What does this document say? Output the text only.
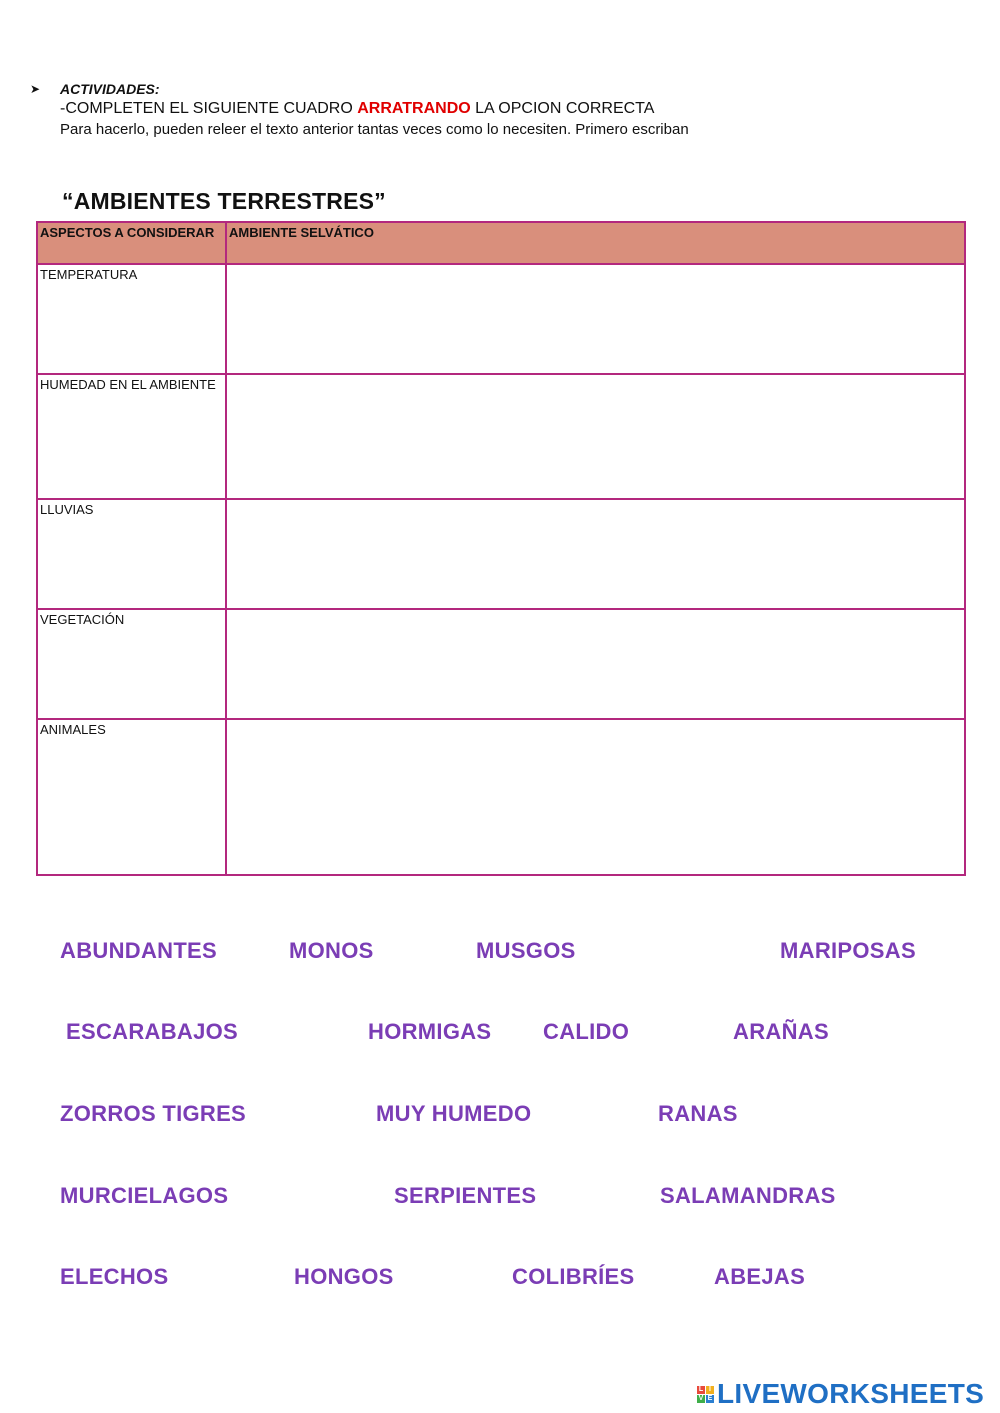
➤	ACTIVIDADES:
-COMPLETEN EL SIGUIENTE CUADRO ARRATRANDO LA OPCION CORRECTA
Para hacerlo, pueden releer el texto anterior tantas veces como lo necesiten. Primero escriban
“AMBIENTES TERRESTRES”
ASPECTOS A CONSIDERAR	AMBIENTE SELVÁTICO
TEMPERATURA	
HUMEDAD EN EL AMBIENTE	
LLUVIAS	
VEGETACIÓN	
ANIMALES	
ABUNDANTES	MONOS	MUSGOS	MARIPOSAS
ESCARABAJOS	HORMIGAS CALIDO	ARAÑAS
ZORROS TIGRES	MUY HUMEDO	RANAS
MURCIELAGOS	SERPIENTES	SALAMANDRAS
ELECHOS	HONGOS	COLIBRÍES	ABEJAS
L I
V E LIVEWORKSHEETS
